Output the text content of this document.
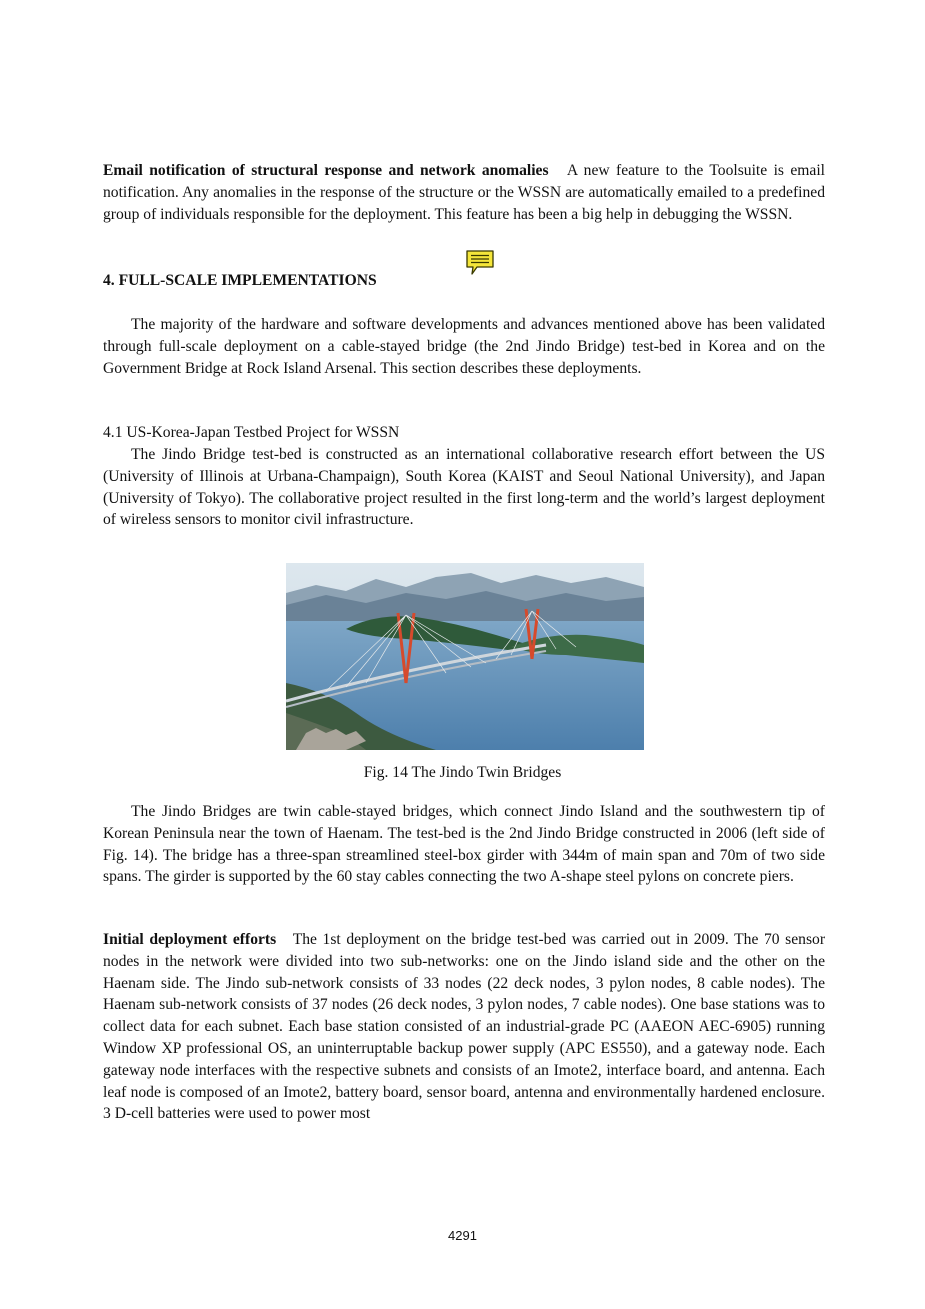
Email notification of structural response and network anomalies A new feature to the Toolsuite is email notification. Any anomalies in the response of the structure or the WSSN are automatically emailed to a predefined group of individuals responsible for the deployment. This feature has been a big help in debugging the WSSN.
4. FULL-SCALE IMPLEMENTATIONS
The majority of the hardware and software developments and advances mentioned above has been validated through full-scale deployment on a cable-stayed bridge (the 2nd Jindo Bridge) test-bed in Korea and on the Government Bridge at Rock Island Arsenal. This section describes these deployments.
4.1 US-Korea-Japan Testbed Project for WSSN
The Jindo Bridge test-bed is constructed as an international collaborative research effort between the US (University of Illinois at Urbana-Champaign), South Korea (KAIST and Seoul National University), and Japan (University of Tokyo). The collaborative project resulted in the first long-term and the world’s largest deployment of wireless sensors to monitor civil infrastructure.
Fig. 14 The Jindo Twin Bridges
The Jindo Bridges are twin cable-stayed bridges, which connect Jindo Island and the southwestern tip of Korean Peninsula near the town of Haenam. The test-bed is the 2nd Jindo Bridge constructed in 2006 (left side of Fig. 14). The bridge has a three-span streamlined steel-box girder with 344m of main span and 70m of two side spans. The girder is supported by the 60 stay cables connecting the two A-shape steel pylons on concrete piers.
Initial deployment efforts The 1st deployment on the bridge test-bed was carried out in 2009. The 70 sensor nodes in the network were divided into two sub-networks: one on the Jindo island side and the other on the Haenam side. The Jindo sub-network consists of 33 nodes (22 deck nodes, 3 pylon nodes, 8 cable nodes). The Haenam sub-network consists of 37 nodes (26 deck nodes, 3 pylon nodes, 7 cable nodes). One base stations was to collect data for each subnet. Each base station consisted of an industrial-grade PC (AAEON AEC-6905) running Window XP professional OS, an uninterruptable backup power supply (APC ES550), and a gateway node. Each gateway node interfaces with the respective subnets and consists of an Imote2, interface board, and antenna. Each leaf node is composed of an Imote2, battery board, sensor board, antenna and environmentally hardened enclosure. 3 D-cell batteries were used to power most
4291
